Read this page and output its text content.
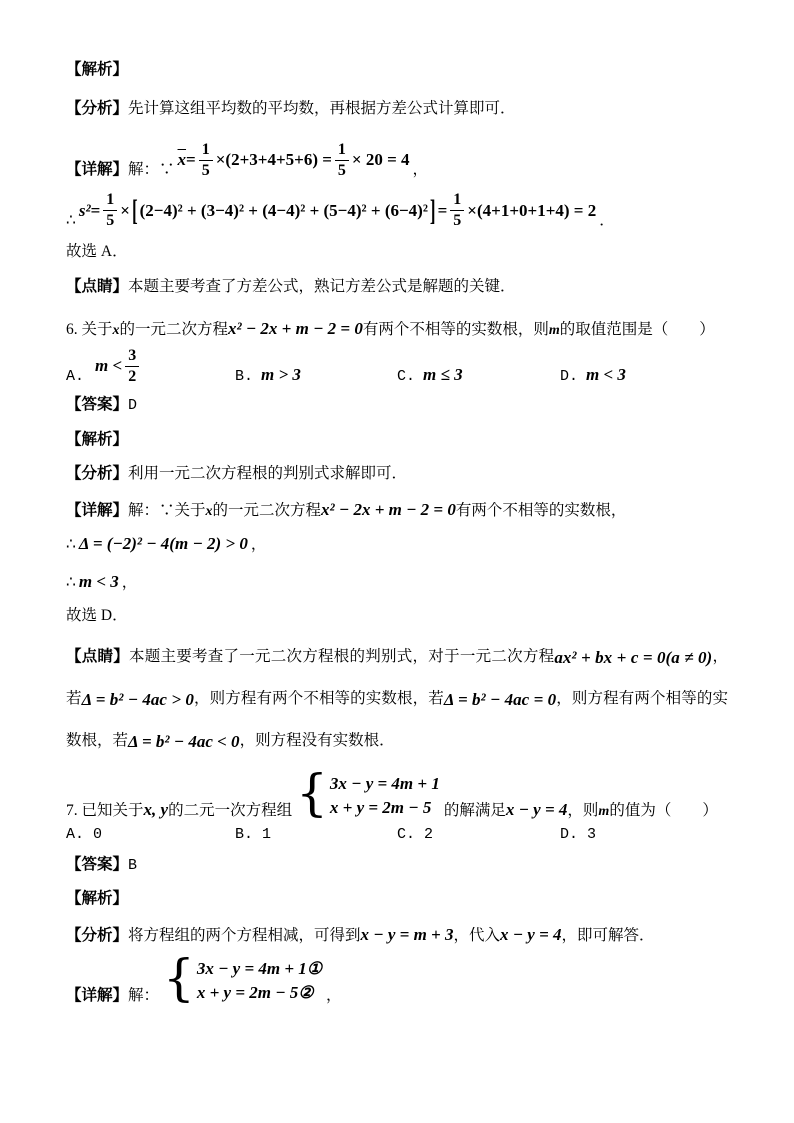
【解析】

【分析】先计算这组平均数的平均数，再根据方差公式计算即可．

【详解】解：∵
$\overline{x} = \frac{1}{5} \times(2+3+4+5+6) = \frac{1}{5} \times 20 = 4$
，
∴
$s^2 = \frac{1}{5}$ × [ (2−4)² + (3−4)² + (4−4)² + (5−4)² + (6−4)² ] = $\frac{1}{5} \times(4+1+0+1+4) = 2$
．

故选 A．

【点睛】本题主要考查了方差公式，熟记方差公式是解题的关键．

6. 关于 x 的一元二次方程 x² − 2x + m − 2 = 0 有两个不相等的实数根，则 m 的取值范围是（　　）
A.
$m < \frac{3}{2}$	B. m > 3	C. m ≤ 3	D. m < 3

【答案】D

【解析】

【分析】利用一元二次方程根的判别式求解即可．

【详解】解：∵关于 x 的一元二次方程 x² − 2x + m − 2 = 0 有两个不相等的实数根，
∴ Δ = (−2)² − 4(m − 2) > 0 ，
∴ m < 3 ，

故选 D．

【点睛】本题主要考查了一元二次方程根的判别式，对于一元二次方程ax² + bx + c = 0(a ≠ 0)，若Δ = b² − 4ac > 0，则方程有两个不相等的实数根，若Δ = b² − 4ac = 0，则方程有两个相等的实数根，若Δ = b² − 4ac < 0，则方程没有实数根．

7. 已知关于 x, y 的二元一次方程组 { 3x − y = 4m + 1
x + y = 2m − 5 的解满足 x − y = 4 ，则 m 的值为（　　）
A. 0	B. 1	C. 2	D. 3

【答案】B

【解析】

【分析】将方程组的两个方程相减，可得到 x − y = m + 3 ，代入 x − y = 4 ，即可解答．
【详解】解： { 3x − y = 4m + 1①
x + y = 2m − 5② ，
